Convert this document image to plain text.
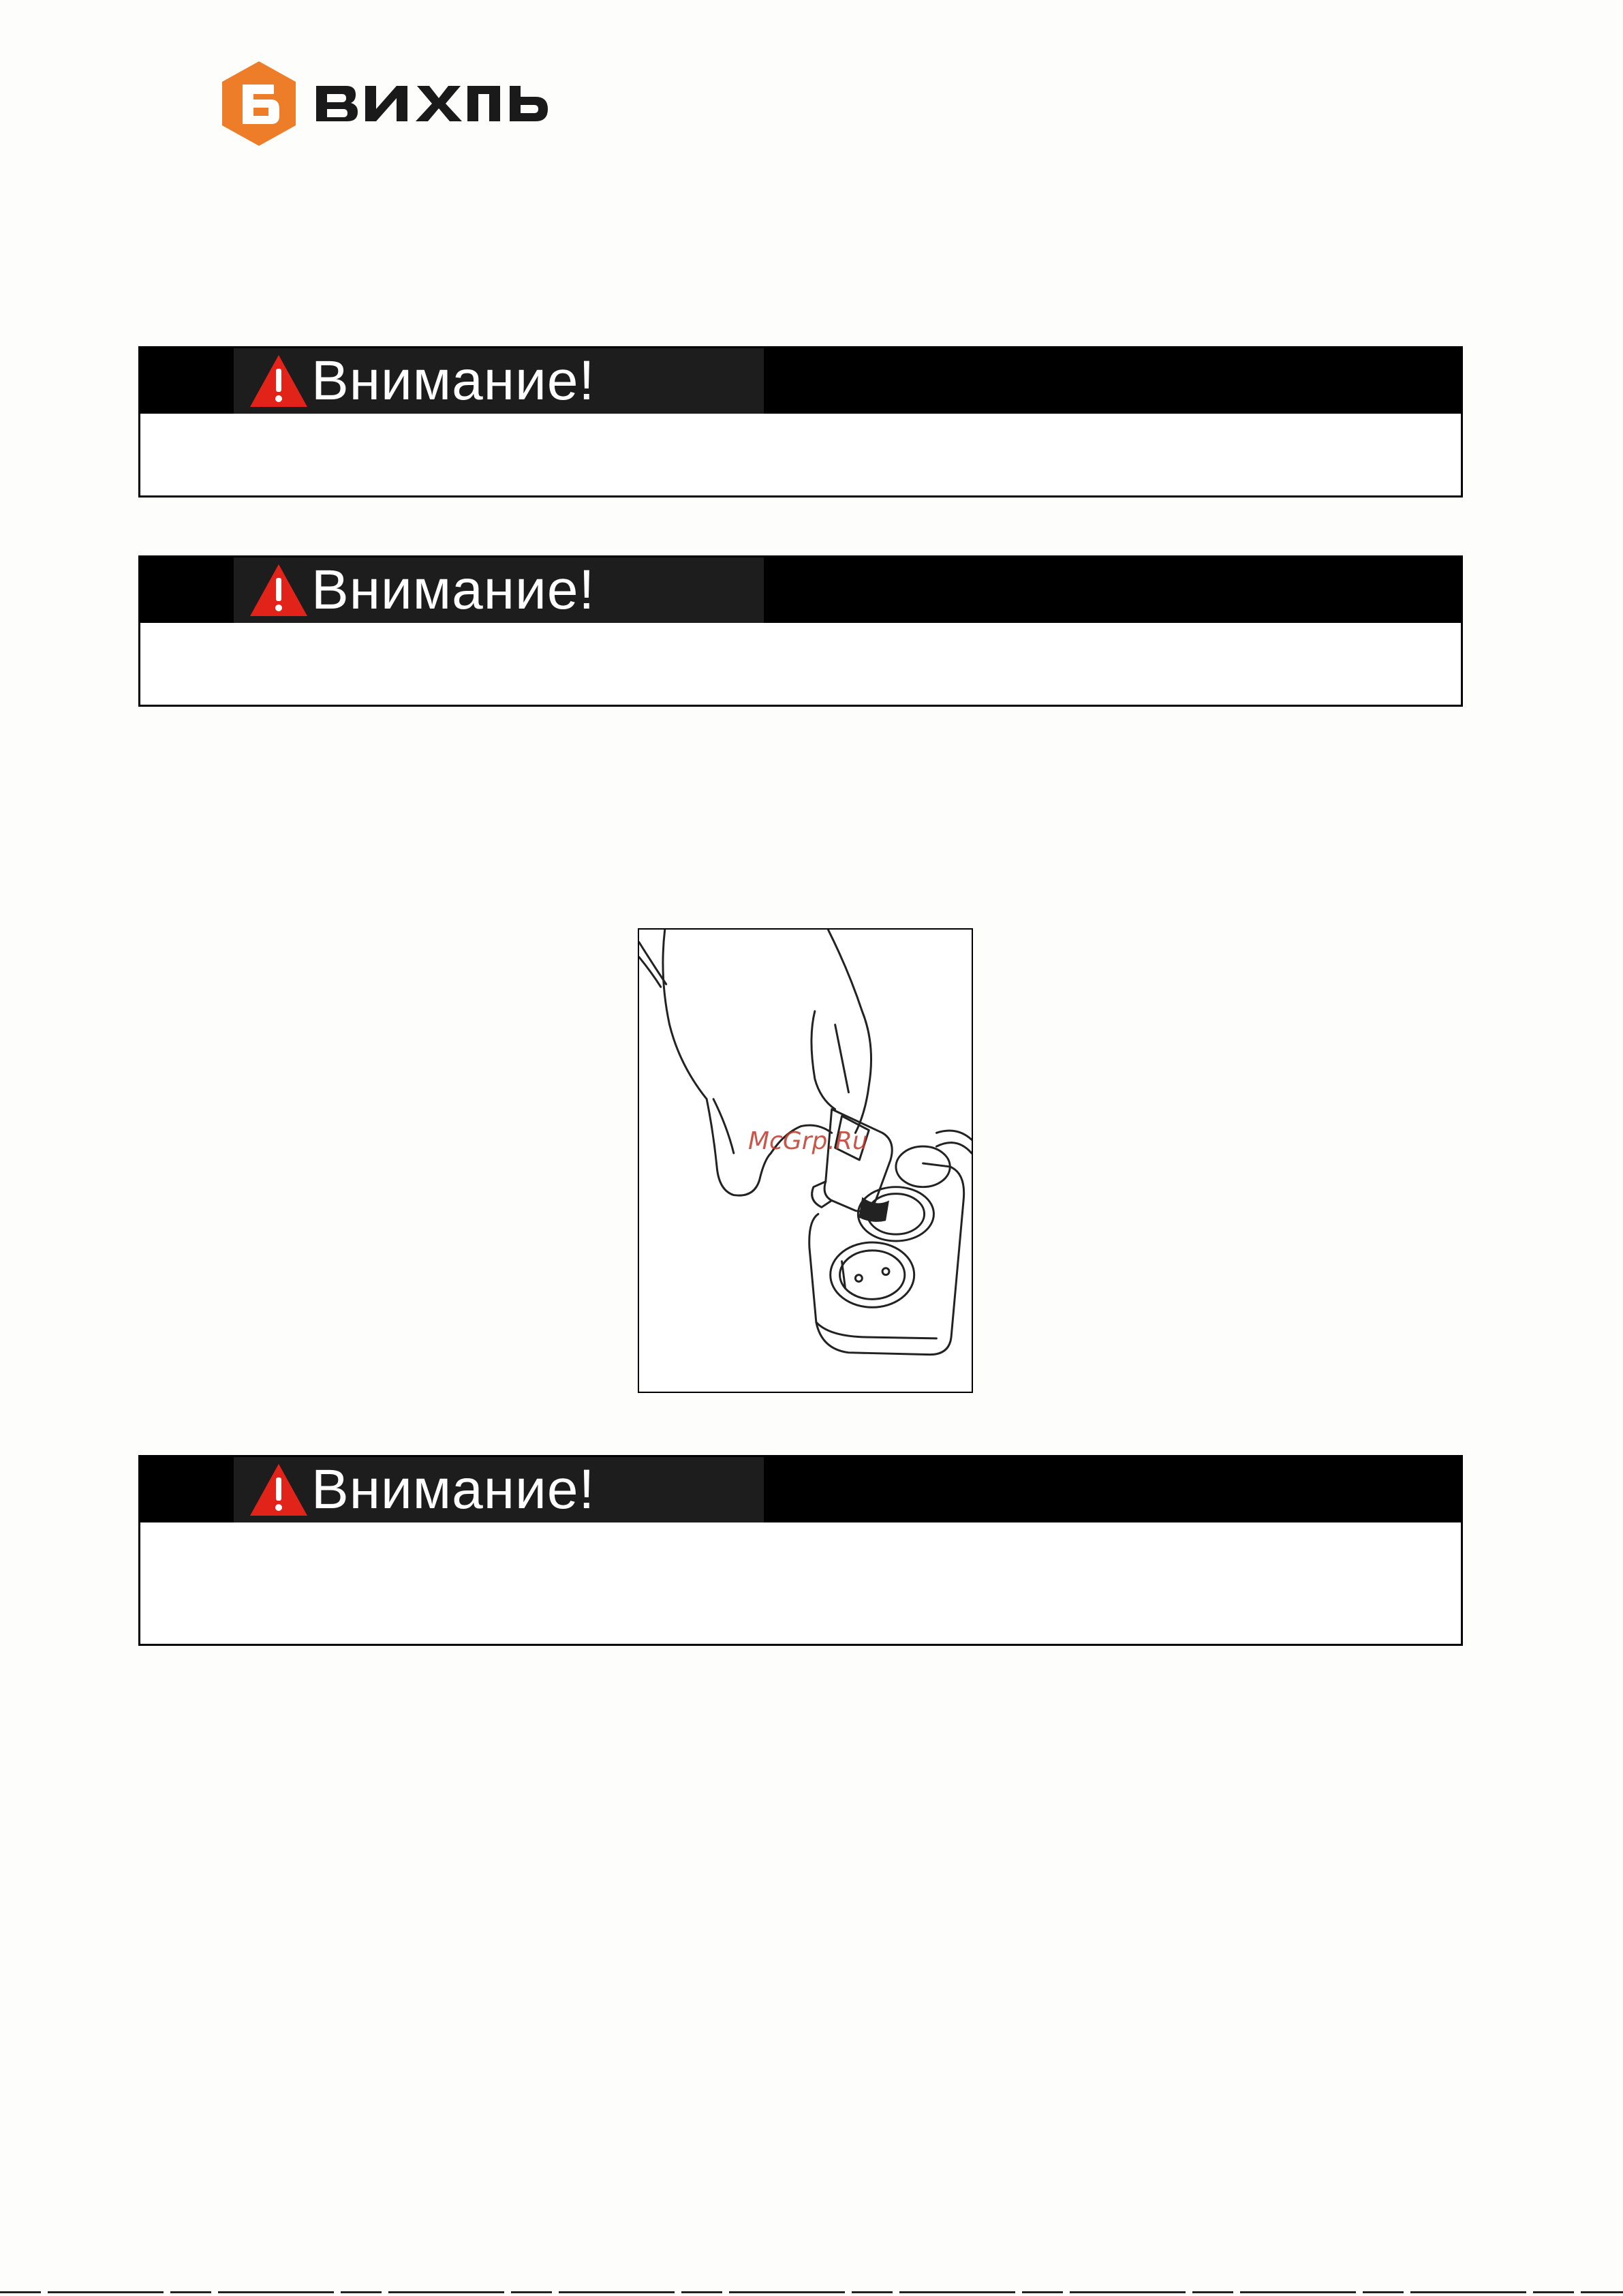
Внимание!
Внимание!
McGrp.Ru
Внимание!
